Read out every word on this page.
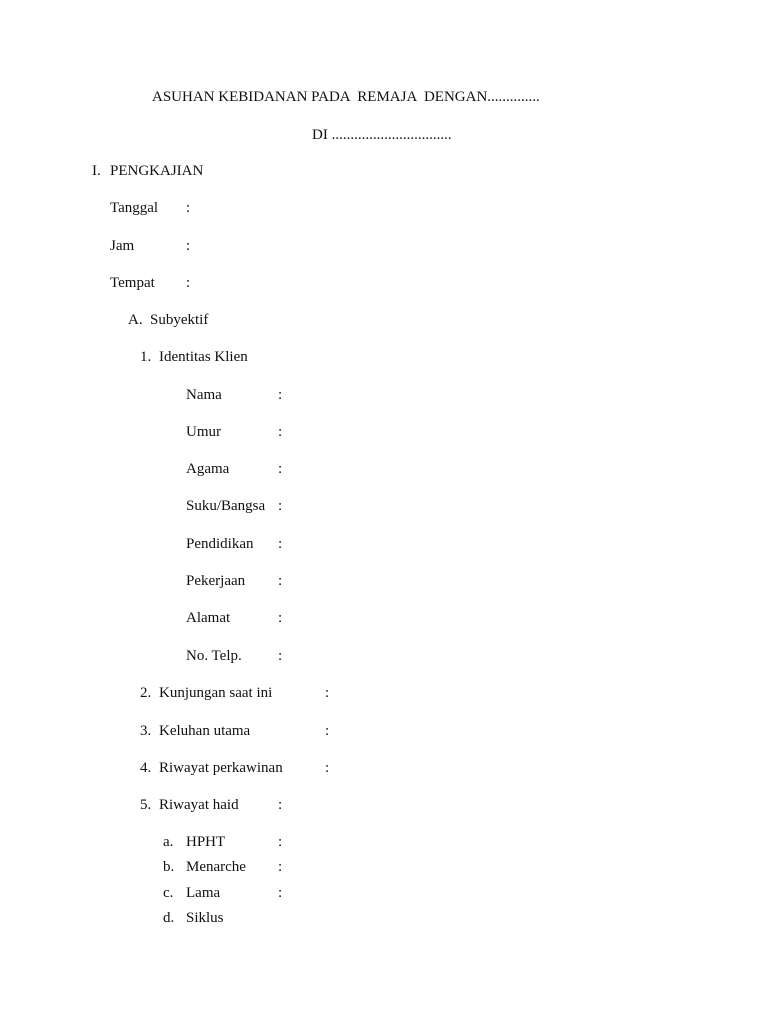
ASUHAN KEBIDANAN PADA  REMAJA  DENGAN..............
DI ................................
I. PENGKAJIAN
Tanggal :
Jam	:
Tempat :
A. Subyektif
1. Identitas Klien
Nama	:
Umur	:
Agama	:
Suku/Bangsa :
Pendidikan :
Pekerjaan :
Alamat	:
No. Telp. :
2. Kunjungan saat ini	:
3. Keluhan utama	:
4. Riwayat perkawinan	:
5. Riwayat haid	:
a. HPHT	:
b. Menarche :
c. Lama	:
d. Siklus
